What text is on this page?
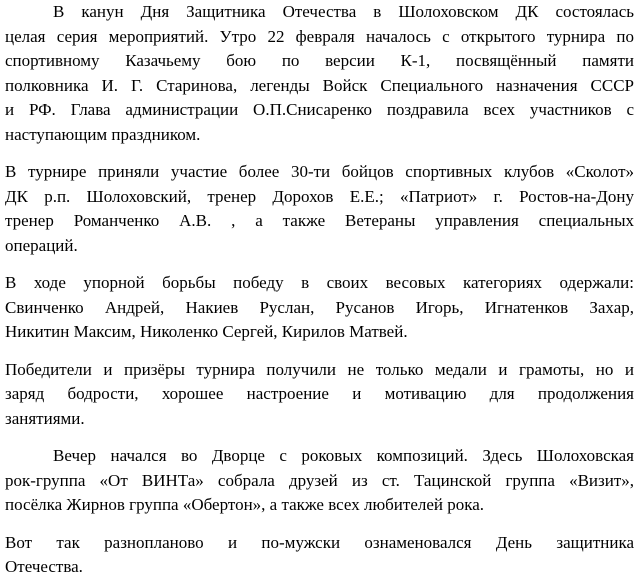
В канун Дня Защитника Отечества в Шолоховском ДК состоялась
целая серия мероприятий. Утро 22 февраля началось с открытого турнира по
спортивному Казачьему бою по версии К-1, посвящённый памяти
полковника И. Г. Старинова, легенды Войск Специального назначения СССР
и РФ. Глава администрации О.П.Снисаренко поздравила всех участников с
наступающим праздником.
В турнире приняли участие более 30-ти бойцов спортивных клубов «Сколот»
ДК р.п. Шолоховский, тренер Дорохов Е.Е.; «Патриот» г. Ростов-на-Дону
тренер Романченко А.В. , а также Ветераны управления специальных
операций.
В ходе упорной борьбы победу в своих весовых категориях одержали:
Свинченко Андрей, Накиев Руслан, Русанов Игорь, Игнатенков Захар,
Никитин Максим, Николенко Сергей, Кирилов Матвей.
Победители и призёры турнира получили не только медали и грамоты, но и
заряд бодрости, хорошее настроение и мотивацию для продолжения
занятиями.
Вечер начался во Дворце с роковых композиций. Здесь Шолоховская
рок-группа «От ВИНТа» собрала друзей из ст. Тацинской группа «Визит»,
посёлка Жирнов группа «Обертон», а также всех любителей рока.
Вот так разнопланово и по-мужски ознаменовался День защитника
Отечества.
